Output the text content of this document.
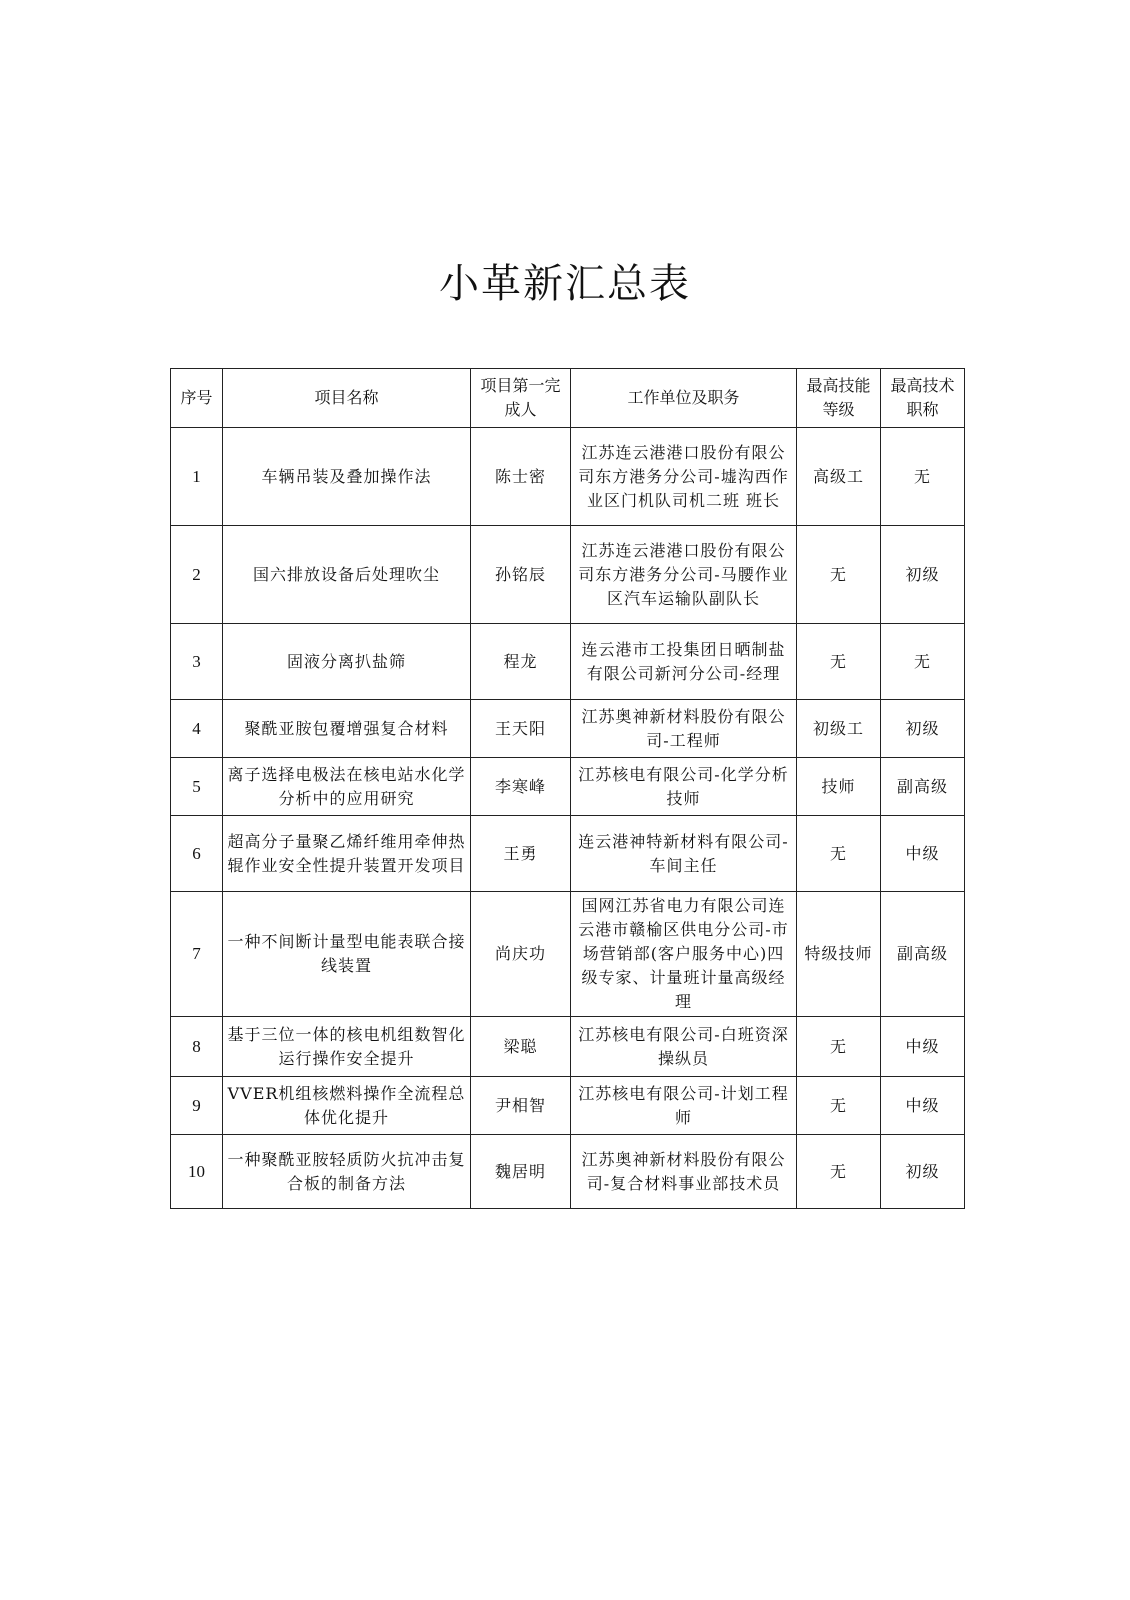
小革新汇总表
序号	项目名称	项目第一完成人	工作单位及职务	最高技能等级	最高技术职称
1	车辆吊装及叠加操作法	陈士密	江苏连云港港口股份有限公司东方港务分公司-墟沟西作业区门机队司机二班 班长	高级工	无
2	国六排放设备后处理吹尘	孙铭辰	江苏连云港港口股份有限公司东方港务分公司-马腰作业区汽车运输队副队长	无	初级
3	固液分离扒盐筛	程龙	连云港市工投集团日晒制盐有限公司新河分公司-经理	无	无
4	聚酰亚胺包覆增强复合材料	王天阳	江苏奥神新材料股份有限公司-工程师	初级工	初级
5	离子选择电极法在核电站水化学分析中的应用研究	李寒峰	江苏核电有限公司-化学分析技师	技师	副高级
6	超高分子量聚乙烯纤维用牵伸热辊作业安全性提升装置开发项目	王勇	连云港神特新材料有限公司-车间主任	无	中级
7	一种不间断计量型电能表联合接线装置	尚庆功	国网江苏省电力有限公司连云港市赣榆区供电分公司-市场营销部(客户服务中心)四级专家、计量班计量高级经理	特级技师	副高级
8	基于三位一体的核电机组数智化运行操作安全提升	梁聪	江苏核电有限公司-白班资深操纵员	无	中级
9	VVER机组核燃料操作全流程总体优化提升	尹相智	江苏核电有限公司-计划工程师	无	中级
10	一种聚酰亚胺轻质防火抗冲击复合板的制备方法	魏居明	江苏奥神新材料股份有限公司-复合材料事业部技术员	无	初级
